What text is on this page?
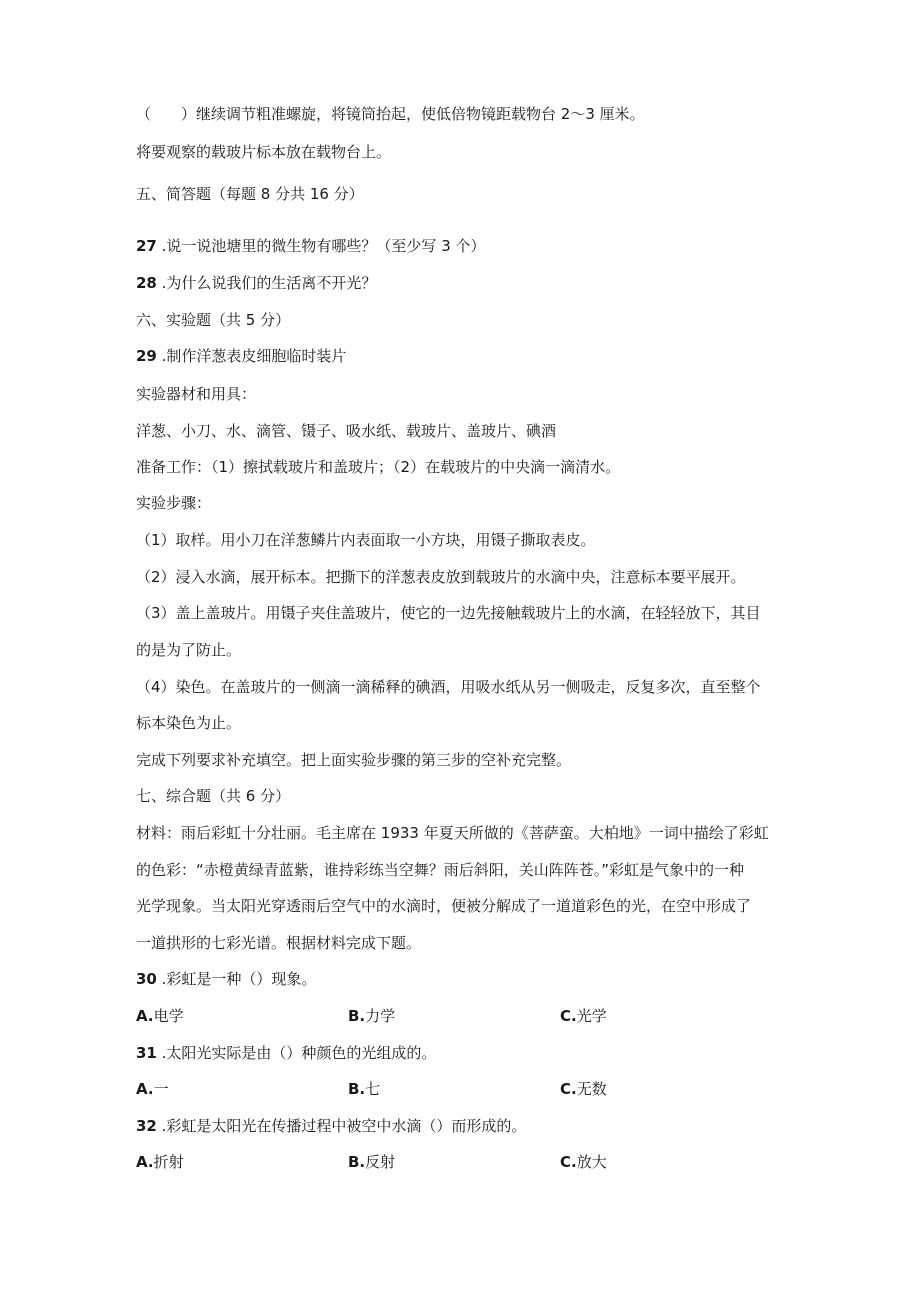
（　　）继续调节粗准螺旋，将镜筒抬起，使低倍物镜距载物台 2～3 厘米。
将要观察的载玻片标本放在载物台上。
五、简答题（每题 8 分共 16 分）
27 .说一说池塘里的微生物有哪些？（至少写 3 个）
28 .为什么说我们的生活离不开光？
六、实验题（共 5 分）
29 .制作洋葱表皮细胞临时装片
实验器材和用具：
洋葱、小刀、水、滴管、镊子、吸水纸、载玻片、盖玻片、碘酒
准备工作：（1）擦拭载玻片和盖玻片；（2）在载玻片的中央滴一滴清水。
实验步骤：
（1）取样。用小刀在洋葱鳞片内表面取一小方块，用镊子撕取表皮。
（2）浸入水滴，展开标本。把撕下的洋葱表皮放到载玻片的水滴中央，注意标本要平展开。
（3）盖上盖玻片。用镊子夹住盖玻片，使它的一边先接触载玻片上的水滴，在轻轻放下，其目
的是为了防止。
（4）染色。在盖玻片的一侧滴一滴稀释的碘酒，用吸水纸从另一侧吸走，反复多次，直至整个
标本染色为止。
完成下列要求补充填空。把上面实验步骤的第三步的空补充完整。
七、综合题（共 6 分）
材料：雨后彩虹十分壮丽。毛主席在 1933 年夏天所做的《菩萨蛮。大柏地》一词中描绘了彩虹
的色彩：“赤橙黄绿青蓝紫，谁持彩练当空舞？雨后斜阳，关山阵阵苍。”彩虹是气象中的一种
光学现象。当太阳光穿透雨后空气中的水滴时，便被分解成了一道道彩色的光，在空中形成了
一道拱形的七彩光谱。根据材料完成下题。
30 .彩虹是一种（）现象。
A.电学	B.力学	C.光学
31 .太阳光实际是由（）种颜色的光组成的。
A.一	B.七	C.无数
32 .彩虹是太阳光在传播过程中被空中水滴（）而形成的。
A.折射	B.反射	C.放大
